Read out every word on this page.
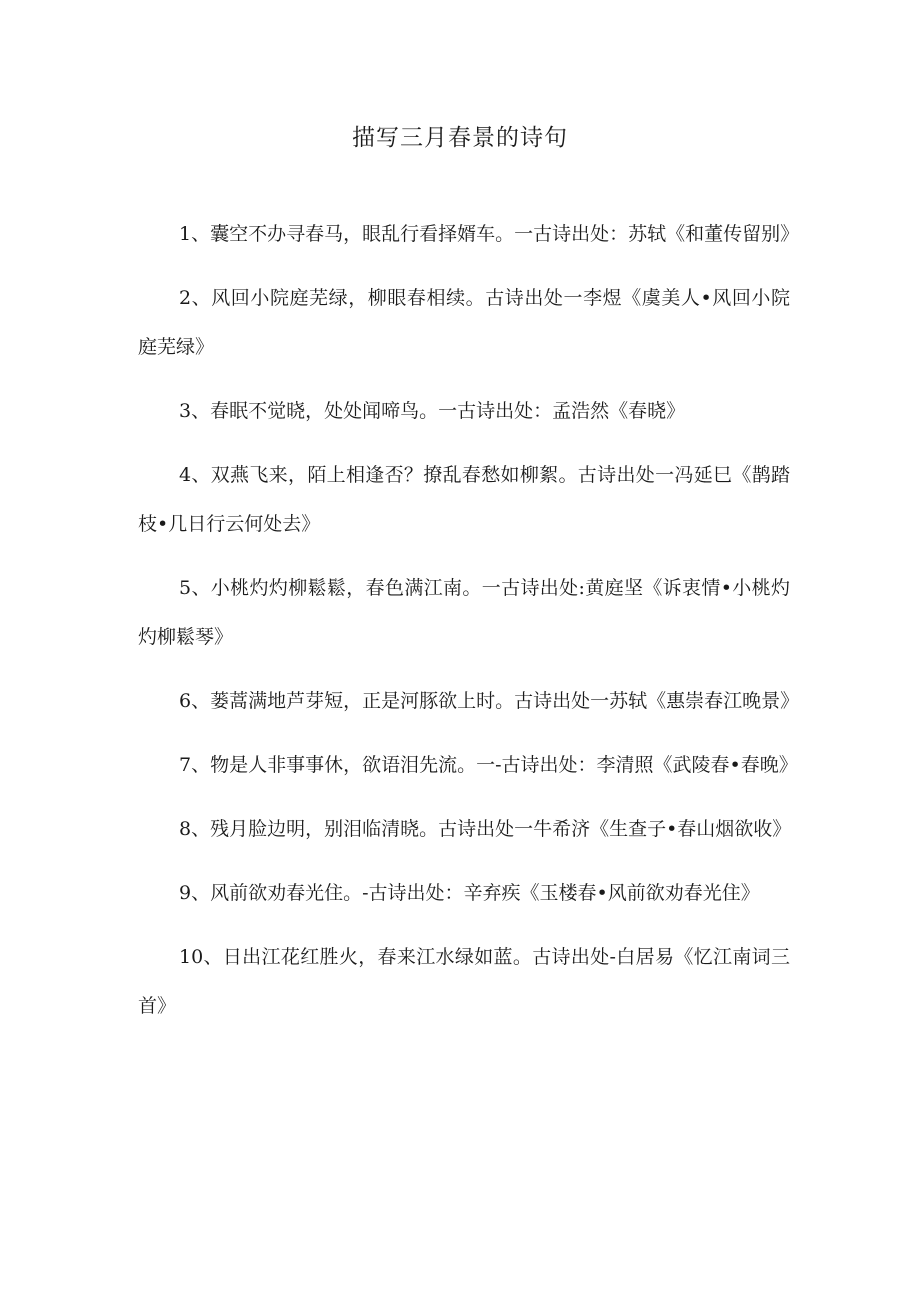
描写三月春景的诗句

1、囊空不办寻春马，眼乱行看择婿车。一古诗出处：苏轼《和董传留别》

2、风回小院庭芜绿，柳眼春相续。古诗出处一李煜《虞美人•风回小院庭芜绿》

3、春眠不觉晓，处处闻啼鸟。一古诗出处：孟浩然《春晓》

4、双燕飞来，陌上相逢否？撩乱春愁如柳絮。古诗出处一冯延巳《鹊踏枝•几日行云何处去》

5、小桃灼灼柳鬆鬆，春色满江南。一古诗出处:黄庭坚《诉衷情•小桃灼灼柳鬆琴》

6、蒌蒿满地芦芽短，正是河豚欲上时。古诗出处一苏轼《惠崇春江晚景》

7、物是人非事事休，欲语泪先流。一-古诗出处：李清照《武陵春•春晚》

8、残月脸边明，别泪临清晓。古诗出处一牛希济《生查子•春山烟欲收》

9、风前欲劝春光住。-古诗出处：辛弃疾《玉楼春•风前欲劝春光住》

10、日出江花红胜火，春来江水绿如蓝。古诗出处-白居易《忆江南词三首》
